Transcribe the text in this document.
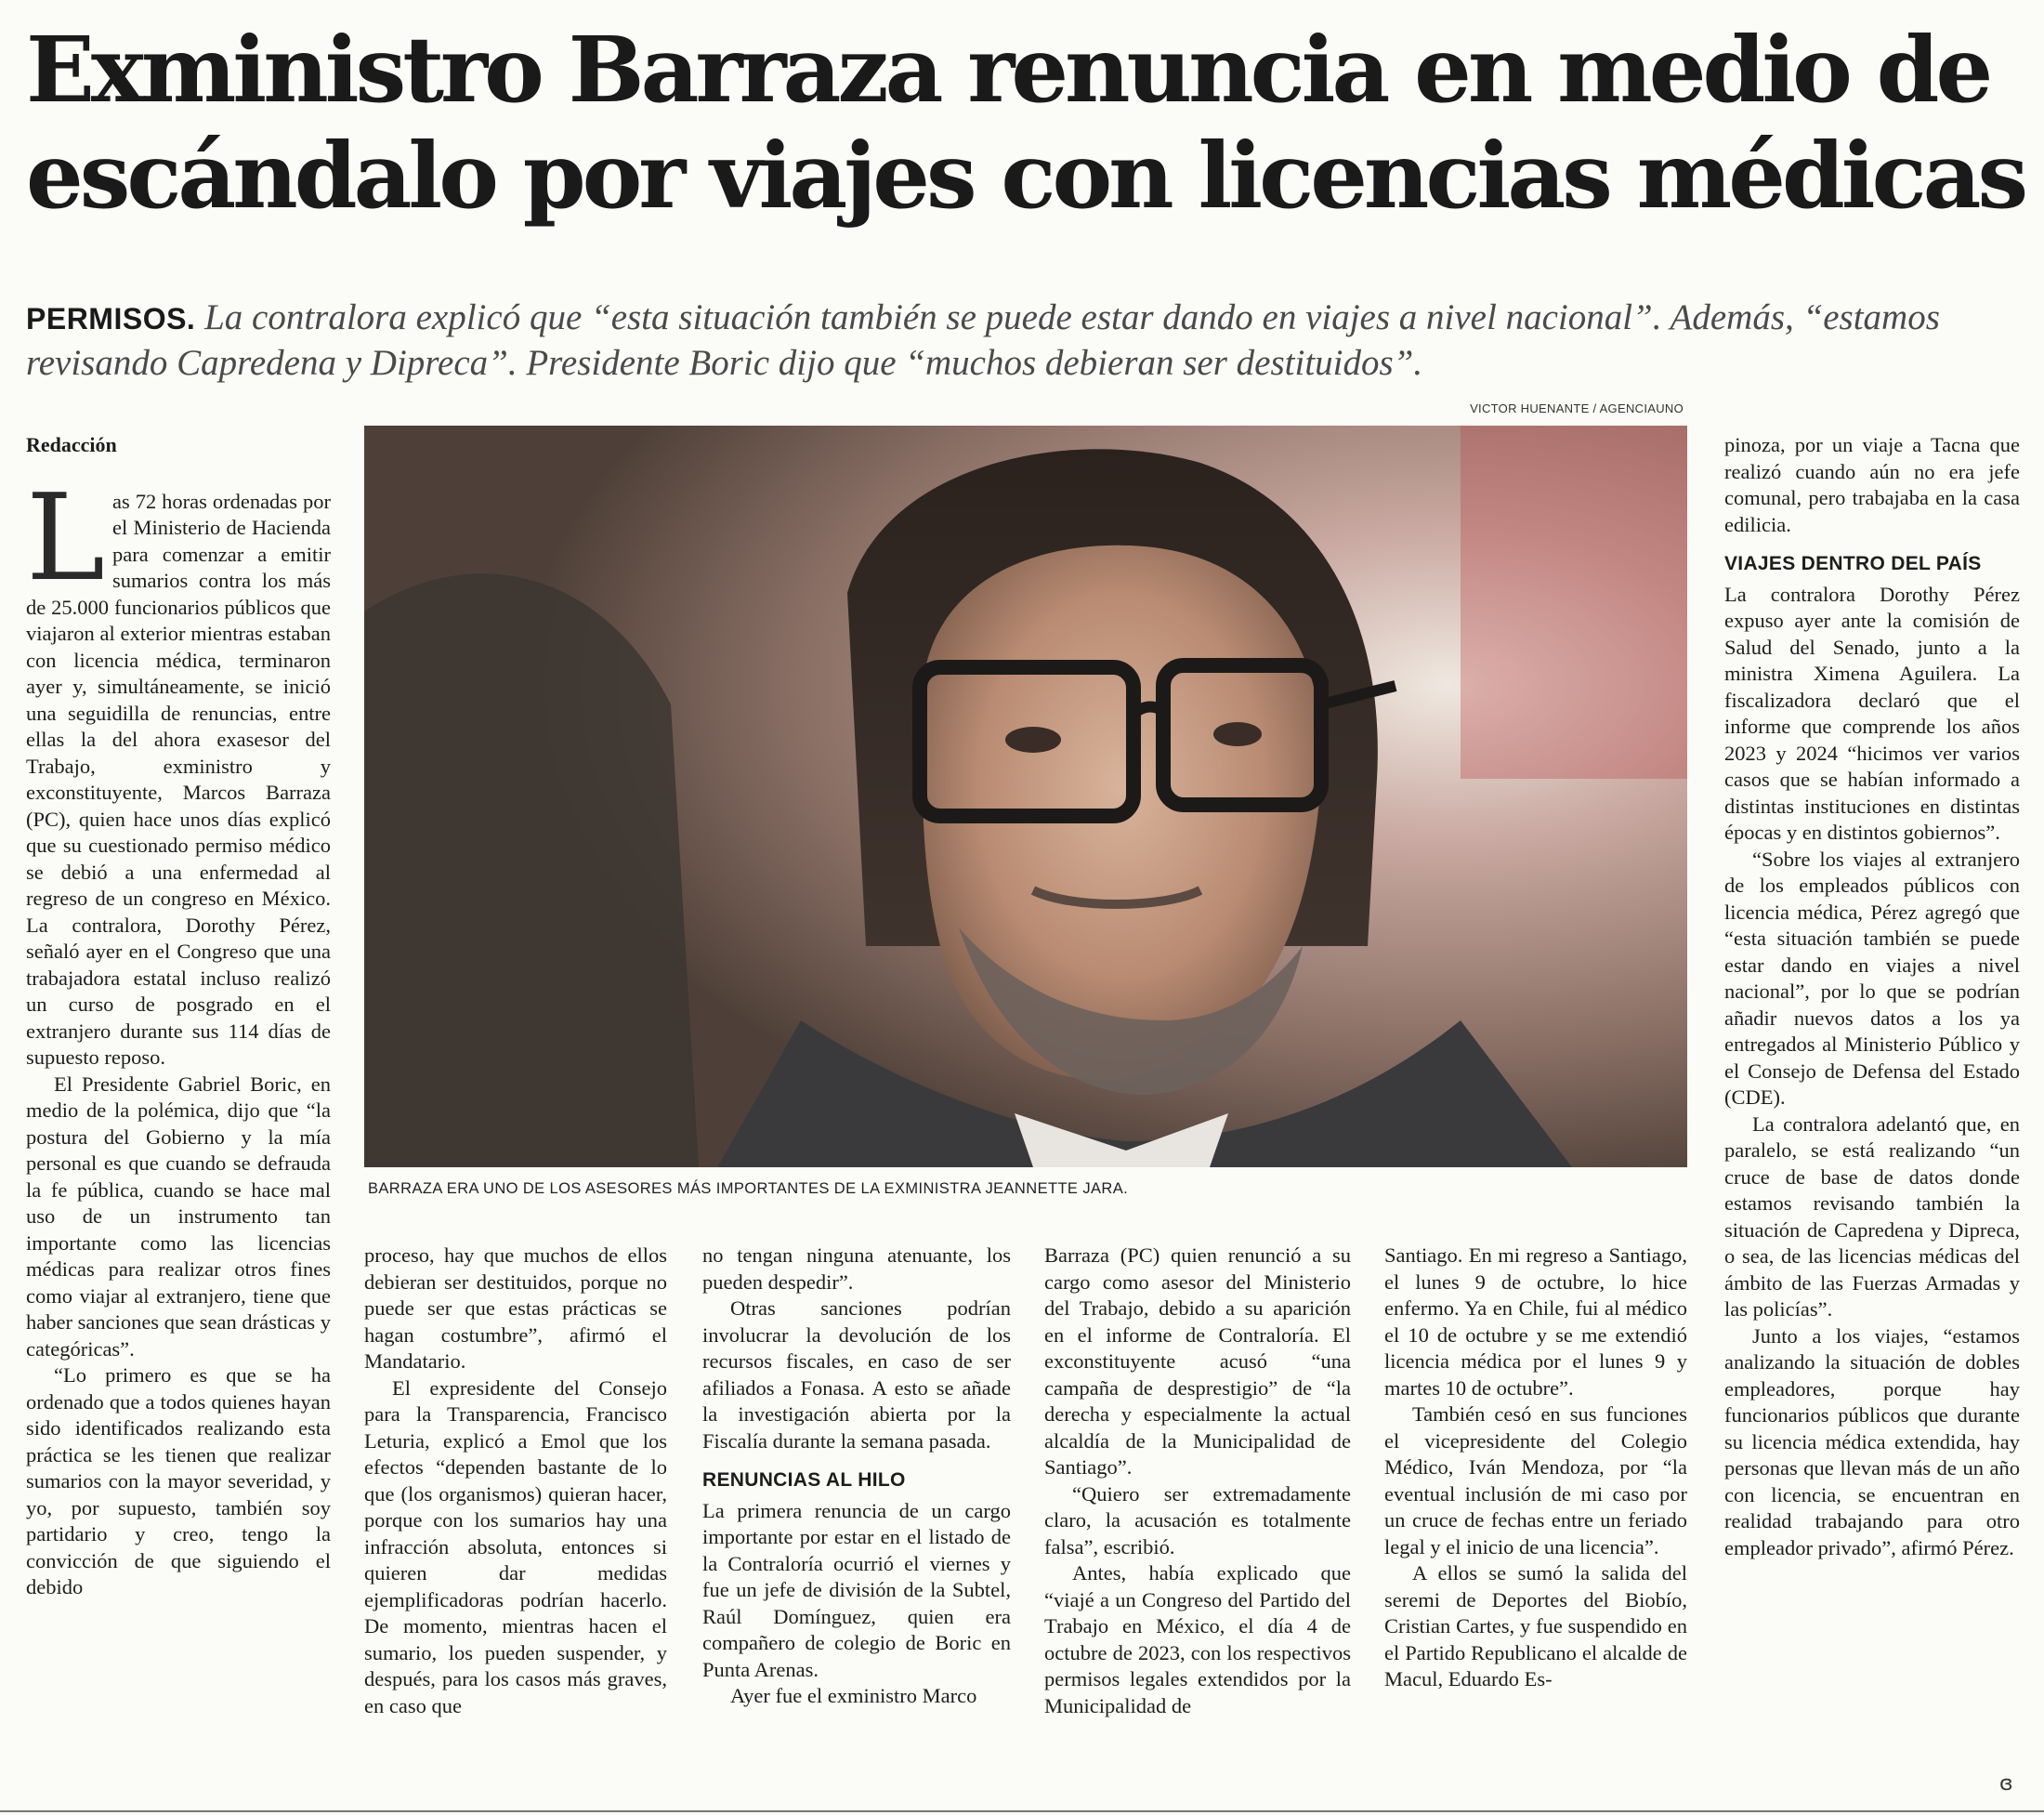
Exministro Barraza renuncia en medio de
escándalo por viajes con licencias médicas

PERMISOS. La contralora explicó que “esta situación también se puede estar dando en viajes a nivel nacional”. Además, “estamos revisando Capredena y Dipreca”. Presidente Boric dijo que “muchos debieran ser destituidos”.

VICTOR HUENANTE / AGENCIAUNO

Redacción

Las 72 horas ordenadas por el Ministerio de Hacienda para comenzar a emitir sumarios contra los más de 25.000 funcionarios públicos que viajaron al exterior mientras estaban con licencia médica, terminaron ayer y, simultáneamente, se inició una seguidilla de renuncias, entre ellas la del ahora exasesor del Trabajo, exministro y exconstituyente, Marcos Barraza (PC), quien hace unos días explicó que su cuestionado permiso médico se debió a una enfermedad al regreso de un congreso en México. La contralora, Dorothy Pérez, señaló ayer en el Congreso que una trabajadora estatal incluso realizó un curso de posgrado en el extranjero durante sus 114 días de supuesto reposo.

El Presidente Gabriel Boric, en medio de la polémica, dijo que “la postura del Gobierno y la mía personal es que cuando se defrauda la fe pública, cuando se hace mal uso de un instrumento tan importante como las licencias médicas para realizar otros fines como viajar al extranjero, tiene que haber sanciones que sean drásticas y categóricas”.

“Lo primero es que se ha ordenado que a todos quienes hayan sido identificados realizando esta práctica se les tienen que realizar sumarios con la mayor severidad, y yo, por supuesto, también soy partidario y creo, tengo la convicción de que siguiendo el debido

BARRAZA ERA UNO DE LOS ASESORES MÁS IMPORTANTES DE LA EXMINISTRA JEANNETTE JARA.

proceso, hay que muchos de ellos debieran ser destituidos, porque no puede ser que estas prácticas se hagan costumbre”, afirmó el Mandatario.

El expresidente del Consejo para la Transparencia, Francisco Leturia, explicó a Emol que los efectos “dependen bastante de lo que (los organismos) quieran hacer, porque con los sumarios hay una infracción absoluta, entonces si quieren dar medidas ejemplificadoras podrían hacerlo. De momento, mientras hacen el sumario, los pueden suspender, y después, para los casos más graves, en caso que

no tengan ninguna atenuante, los pueden despedir”.

Otras sanciones podrían involucrar la devolución de los recursos fiscales, en caso de ser afiliados a Fonasa. A esto se añade la investigación abierta por la Fiscalía durante la semana pasada.

RENUNCIAS AL HILO

La primera renuncia de un cargo importante por estar en el listado de la Contraloría ocurrió el viernes y fue un jefe de división de la Subtel, Raúl Domínguez, quien era compañero de colegio de Boric en Punta Arenas.

Ayer fue el exministro Marco

Barraza (PC) quien renunció a su cargo como asesor del Ministerio del Trabajo, debido a su aparición en el informe de Contraloría. El exconstituyente acusó “una campaña de desprestigio” de “la derecha y especialmente la actual alcaldía de la Municipalidad de Santiago”.

“Quiero ser extremadamente claro, la acusación es totalmente falsa”, escribió.

Antes, había explicado que “viajé a un Congreso del Partido del Trabajo en México, el día 4 de octubre de 2023, con los respectivos permisos legales extendidos por la Municipalidad de

Santiago. En mi regreso a Santiago, el lunes 9 de octubre, lo hice enfermo. Ya en Chile, fui al médico el 10 de octubre y se me extendió licencia médica por el lunes 9 y martes 10 de octubre”.

También cesó en sus funciones el vicepresidente del Colegio Médico, Iván Mendoza, por “la eventual inclusión de mi caso por un cruce de fechas entre un feriado legal y el inicio de una licencia”.

A ellos se sumó la salida del seremi de Deportes del Biobío, Cristian Cartes, y fue suspendido en el Partido Republicano el alcalde de Macul, Eduardo Es-

pinoza, por un viaje a Tacna que realizó cuando aún no era jefe comunal, pero trabajaba en la casa edilicia.

VIAJES DENTRO DEL PAÍS

La contralora Dorothy Pérez expuso ayer ante la comisión de Salud del Senado, junto a la ministra Ximena Aguilera. La fiscalizadora declaró que el informe que comprende los años 2023 y 2024 “hicimos ver varios casos que se habían informado a distintas instituciones en distintas épocas y en distintos gobiernos”.

“Sobre los viajes al extranjero de los empleados públicos con licencia médica, Pérez agregó que “esta situación también se puede estar dando en viajes a nivel nacional”, por lo que se podrían añadir nuevos datos a los ya entregados al Ministerio Público y el Consejo de Defensa del Estado (CDE).

La contralora adelantó que, en paralelo, se está realizando “un cruce de base de datos donde estamos revisando también la situación de Capredena y Dipreca, o sea, de las licencias médicas del ámbito de las Fuerzas Armadas y las policías”.

Junto a los viajes, “estamos analizando la situación de dobles empleadores, porque hay funcionarios públicos que durante su licencia médica extendida, hay personas que llevan más de un año con licencia, se encuentran en realidad trabajando para otro empleador privado”, afirmó Pérez.

ɞ
